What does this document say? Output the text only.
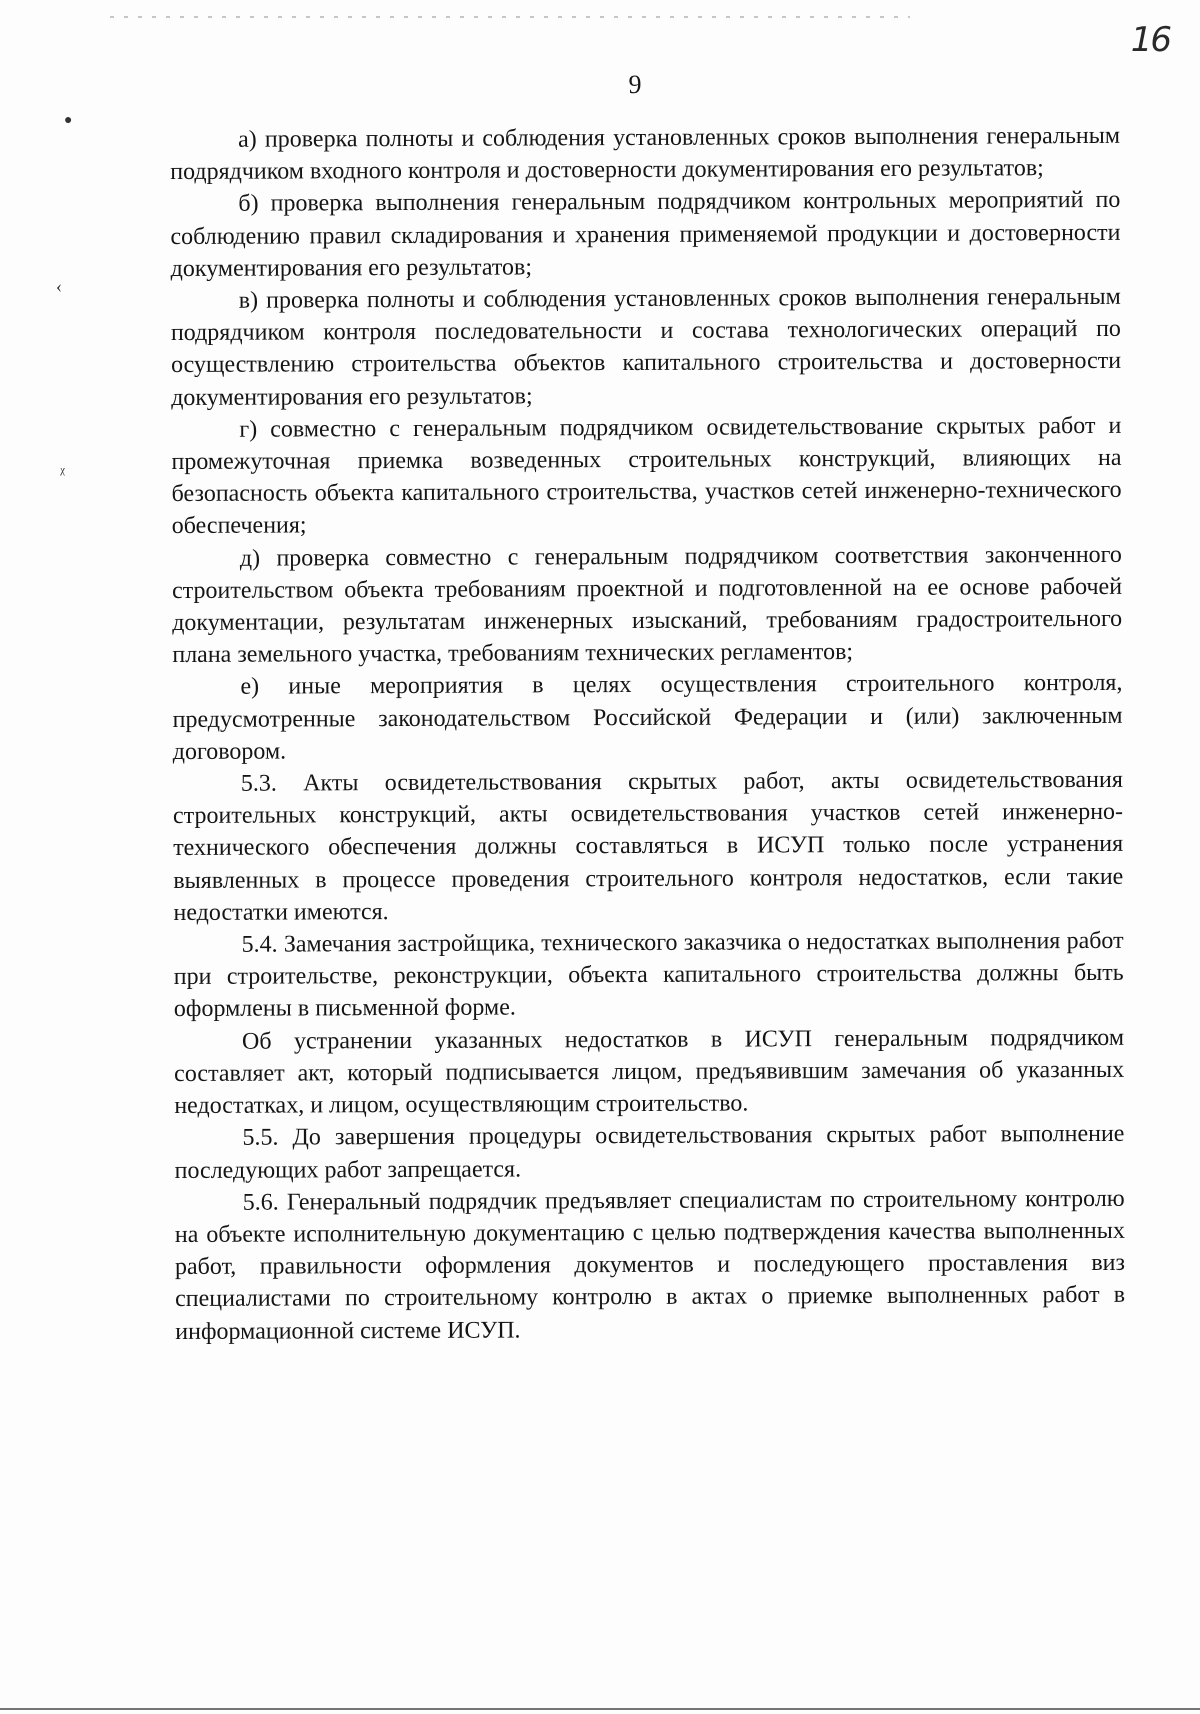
16
9
●
‹
ᵡ

а) проверка полноты и соблюдения установленных сроков выполнения генеральным подрядчиком входного контроля и достоверности документирования его результатов;

б) проверка выполнения генеральным подрядчиком контрольных мероприятий по соблюдению правил складирования и хранения применяемой продукции и достоверности документирования его результатов;

в) проверка полноты и соблюдения установленных сроков выполнения генеральным подрядчиком контроля последовательности и состава технологических операций по осуществлению строительства объектов капитального строительства и достоверности документирования его результатов;

г) совместно с генеральным подрядчиком освидетельствование скрытых работ и промежуточная приемка возведенных строительных конструкций, влияющих на безопасность объекта капитального строительства, участков сетей инженерно-технического обеспечения;

д) проверка совместно с генеральным подрядчиком соответствия законченного строительством объекта требованиям проектной и подготовленной на ее основе рабочей документации, результатам инженерных изысканий, требованиям градостроительного плана земельного участка, требованиям технических регламентов;

е) иные мероприятия в целях осуществления строительного контроля, предусмотренные законодательством Российской Федерации и (или) заключенным договором.

5.3. Акты освидетельствования скрытых работ, акты освидетельствования строительных конструкций, акты освидетельствования участков сетей инженерно-технического обеспечения должны составляться в ИСУП только после устранения выявленных в процессе проведения строительного контроля недостатков, если такие недостатки имеются.

5.4. Замечания застройщика, технического заказчика о недостатках выполнения работ при строительстве, реконструкции, объекта капитального строительства должны быть оформлены в письменной форме.

Об устранении указанных недостатков в ИСУП генеральным подрядчиком составляет акт, который подписывается лицом, предъявившим замечания об указанных недостатках, и лицом, осуществляющим строительство.

5.5. До завершения процедуры освидетельствования скрытых работ выполнение последующих работ запрещается.

5.6. Генеральный подрядчик предъявляет специалистам по строительному контролю на объекте исполнительную документацию с целью подтверждения качества выполненных работ, правильности оформления документов и последующего проставления виз специалистами по строительному контролю в актах о приемке выполненных работ в информационной системе ИСУП.
